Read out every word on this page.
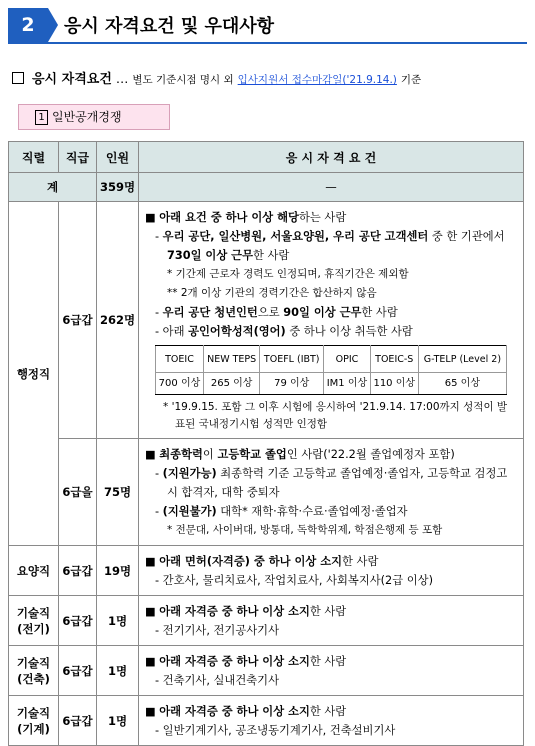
2	응시 자격요건 및 우대사항
응시 자격요건 … 별도 기준시점 명시 외 입사지원서 접수마감일('21.9.14.) 기준
1 일반공개경쟁
직렬	직급	인원	응 시 자 격 요 건
계	359명	—
행정직	6급갑	262명	
■ 아래 요건 중 하나 이상 해당하는 사람
- 우리 공단, 일산병원, 서울요양원, 우리 공단 고객센터 중 한 기관에서 730일 이상 근무한 사람
* 기간제 근로자 경력도 인정되며, 휴직기간은 제외함
** 2개 이상 기관의 경력기간은 합산하지 않음
- 우리 공단 청년인턴으로 90일 이상 근무한 사람
- 아래 공인어학성적(영어) 중 하나 이상 취득한 사람
TOEIC	NEW TEPS	TOEFL (IBT)	OPIC	TOEIC-S	G-TELP (Level 2)
700 이상	265 이상	79 이상	IM1 이상	110 이상	65 이상
* '19.9.15. 포함 그 이후 시험에 응시하여 '21.9.14. 17:00까지 성적이 발표된 국내정기시험 성적만 인정함

6급을	75명	
■ 최종학력이 고등학교 졸업인 사람('22.2월 졸업예정자 포함)
- (지원가능) 최종학력 기준 고등학교 졸업예정·졸업자, 고등학교 검정고시 합격자, 대학 중퇴자
- (지원불가) 대학* 재학·휴학·수료·졸업예정·졸업자
* 전문대, 사이버대, 방통대, 독학학위제, 학점은행제 등 포함

요양직	6급갑	19명	
■ 아래 면허(자격증) 중 하나 이상 소지한 사람
- 간호사, 물리치료사, 작업치료사, 사회복지사(2급 이상)

기술직
(전기)
	6급갑	1명	
■ 아래 자격증 중 하나 이상 소지한 사람
- 전기기사, 전기공사기사

기술직
(건축)
	6급갑	1명	
■ 아래 자격증 중 하나 이상 소지한 사람
- 건축기사, 실내건축기사

기술직
(기계)
	6급갑	1명	
■ 아래 자격증 중 하나 이상 소지한 사람
- 일반기계기사, 공조냉동기계기사, 건축설비기사
